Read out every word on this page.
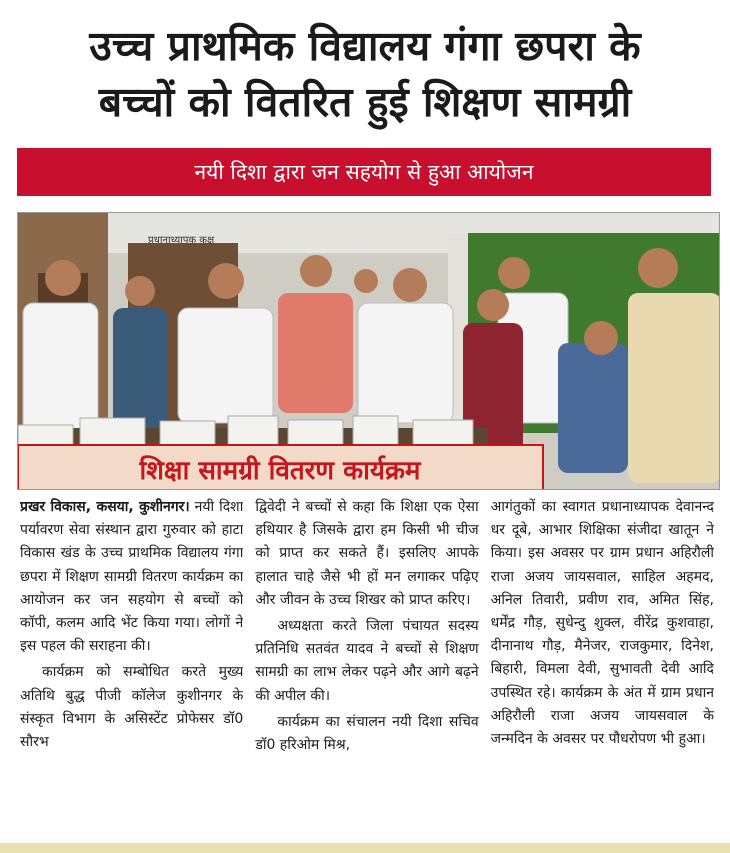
उच्च प्राथमिक विद्यालय गंगा छपरा के
बच्चों को वितरित हुई शिक्षण सामग्री
नयी दिशा द्वारा जन सहयोग से हुआ आयोजन
प्रधानाध्यापक कक्ष
शिक्षा सामग्री वितरण कार्यक्रम

प्रखर विकास, कसया, कुशीनगर। नयी दिशा पर्यावरण सेवा संस्थान द्वारा गुरुवार को हाटा विकास खंड के उच्च प्राथमिक विद्यालय गंगा छपरा में शिक्षण सामग्री वितरण कार्यक्रम का आयोजन कर जन सहयोग से बच्चों को कॉपी, कलम आदि भेंट किया गया। लोगों ने इस पहल की सराहना की।

कार्यक्रम को सम्बोधित करते मुख्य अतिथि बुद्ध पीजी कॉलेज कुशीनगर के संस्कृत विभाग के असिस्टेंट प्रोफेसर डॉ0 सौरभ

द्विवेदी ने बच्चों से कहा कि शिक्षा एक ऐसा हथियार है जिसके द्वारा हम किसी भी चीज को प्राप्त कर सकते हैं। इसलिए आपके हालात चाहे जैसे भी हों मन लगाकर पढ़िए और जीवन के उच्च शिखर को प्राप्त करिए।

अध्यक्षता करते जिला पंचायत सदस्य प्रतिनिधि सतवंत यादव ने बच्चों से शिक्षण सामग्री का लाभ लेकर पढ़ने और आगे बढ़ने की अपील की।

कार्यक्रम का संचालन नयी दिशा सचिव डॉ0 हरिओम मिश्र,

आगंतुकों का स्वागत प्रधानाध्यापक देवानन्द धर दूबे, आभार शिक्षिका संजीदा खातून ने किया। इस अवसर पर ग्राम प्रधान अहिरौली राजा अजय जायसवाल, साहिल अहमद, अनिल तिवारी, प्रवीण राव, अमित सिंह, धर्मेंद्र गौड़, सुधेन्दु शुक्ल, वीरेंद्र कुशवाहा, दीनानाथ गौड़, मैनेजर, राजकुमार, दिनेश, बिहारी, विमला देवी, सुभावती देवी आदि उपस्थित रहे। कार्यक्रम के अंत में ग्राम प्रधान अहिरौली राजा अजय जायसवाल के जन्मदिन के अवसर पर पौधरोपण भी हुआ।
